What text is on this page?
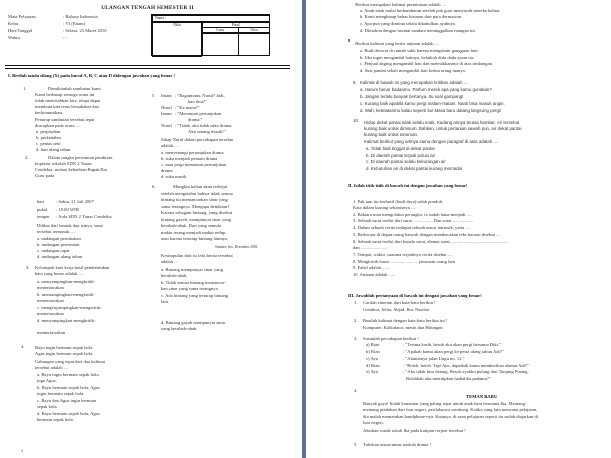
ULANGAN TENGAH SEMESTER II
Mata Pelajaran	: Bahasa Indonesia
Kelas	: VI (Enam)
Hari/Tanggal	: Selasa, 23 Maret 2010
Waktu	: -
Nama :
Nilai	Paraf
Guru	Ortu
I. Berilah tanda silang (X) pada huruf A, B, C atau D didengan jawaban yang benar !
1.	Demikianlah sambutan kami
Kami berharap semoga acara ini
tidak memisahkan kita, tetapi dapat
membuat kita terus bersahabat dan
berkomunikasi.
Penutup sambutan tersebut tepat
diucapkan pada acara ....
a. perpisahan
b. perkenalan
c. pentas seni
d. hari ulang tahun
2.	Dalam rangka peresmian pendirian
koperasi sekolah SDN 2 Tunas
Cendekia, mohon kehadiran Bapak/Ibu
Guru pada
hari	: Sabtu, 21 Juli 2007
pukul : 10.00 WIB
tempat : Aula SDN 2 Tunas Cendekia
Dilihat dari bentuk dan isinya, surat
tersebut termasuk ....
a. undangan pernikahan
b. undangan peresmian
c. undangan rapat
d. undangan ulang tahun
3. Kelompok kata kerja hasil pembentukan
kata yang benar adalah ....
a. menyampingkan-mengkritik-
menertawakan
b. mensampingkan-mengkritik-
menertawakan
c. mengenyampingkan-mengeritik-
menertawakan
d. menyampingkan-mengkritik-
mentertawakan
4. Bayu ingin bermain sepak bola.
Agus ingin bermain sepak bola.
Gabungan yang tepat dari dua kalimat
tersebut adalah ....
a. Bayu ingin bermain sepak bola,
juga Agus.
b. Bayu bermain sepak bola, Agus
ingin bermain sepak bola.
c. Bayu dan Agus ingin bermain
sepak bola.
d. Bayu bermain sepak bola, Agus
bermain sepak bola.
7
5 Imam : "Bagaimana, Nurul? Jadi,
kau ikut?"
Nurul : "Ke mana?"
Imam : "Menonton pertunjukan
drama."
Nurul : "Tidak, aku tidak suka drama.
Aku senang musik!"
Sikap Nurul dalam percakapan tersebut
adalah ....
a. menyenangi pertunjukan drama
b. suka menjadi pemain drama
c. mau pergi menonton pertunjukan
drama
d. suka musik
6.	Mungkin kalian akan terkejut
setelah mengetahui bahwa tidak semua
bintang itu memancarkan sinar yang
sama terangnya. Mengapa demikian?
Karena sebagian bintang, yang disebut
bintang gayah, mempunyai sinar yang
berubah-ubah. Dari yang semula
makin terang menjadi makin redup
atau karena tertutup bintang lainnya.
Sumber: Ino, Desember 2003
Kesimpulan dari isi teks berita tersebut
adalah ....
a. Bintang mempunyai sinar yang
berubah-ubah.
b. Tidak semua bintang memancar-
kan sinar yang sama terangnya.
c. Ada bintang yang tertutup bintang
lain.
d. Bintang gayah mempunyai sinar
yang berubah-ubah.
. Berikut merupakan kalimat permintaan adalah ....
a. Anak-anak mulai berhamburan setelah pak guru menyuruh mereka keluar.
b. Kami mengharap bebas kiriman dari para dermawan.
c. Apa pun yang diminta selalu dikabulkan ayahnya.
d. Dimohon dengan hormat saudara meninggalkan ruangan ini.
8
. Berikut kalimat yang berisi anjuran adalah ....
a. Budi dirawat di rumah sakit karena mengalami gangguan hati.
b. Jika ingin mengambil hatinya, belaikah dulu dada ayam itu.
c. Penjual daging mengambil hati dan meletakkannya di atas timbangan.
d. Susi pandai sekali mengambil hati kedua orang tuanya.
9. Kalimat di bawah ini yang merupakan kritikan adalah ....
a. Harum benar badanmu. Parfum merek apa yang kamu gunakan?
b. Jangan terlalu banyak bertanya. Itu soal gampang!
c. Kurang baik apabila kamu pergi malam-malam. Nanti bisa masuk angin.
d. Wah, ketelatanmu kalau seperti itu! Masa baru datang langsung pergi!
10. Hidup dekat pantai tidak selalu enak. Kadang airnya terasa hambar. Air tersebut
kurang baik untuk diminum. Bahkan, untuk pertanian sawah pun, air dekat pantai
kurang baik untuk tanaman.
Kalimat berikut yang artinya sama dengan paragraf di atas adalah ....
a. Tidak baik tinggal di dekat pantai
b. Di daerah pantai terjadi polusi air
c. Di daerah pantai selalu kekurangan air
d. Kebutuhan air di dekat pantai kurang memadai
II. Isilah titik-titik di bawah ini dengan jawaban yang benar!
1. Pak tani itu berhasil (budi daya) salak pondoh.
Kata dalam kurung seharusnya ....
2. Baktara mau mengolahui perangko, ia sudah lama menjadi ....
3. Sebuah surat terdiri dari surat ................. Dan surat ..................
4. Dalam sebuah cerita terdapat sebuah unsur intrinsik, yaitu ....
5. Berbicara di depan orang banyak dengan membacakan teks bacaan disebut ....
6. Sebuah surat terdiri dari kepala surat, alamat surat, .......................,.........................
dan .......................
7. Tempat, waktu, suasana terjadinya cerita disebut ....
8. Mengkritik harus ........................ perasaan orang lain
9. Fabel adalah .......
10. Amanat adalah ......
III. Jawablah pertanyaan di bawah ini dengan jawaban yang benar!
1. Carilah sinonim dari kata-kata berikut !
Gembira, Jelita, Abjad, Ibu, Nasihat
2. Buatlah kalimat dengan kata-kata berikut ini !
Komputer, Kalkulator, mesin dan Hitungan
3. Susunlah percakapan berikut !
a) Rian	: "Terima kasih, besok aku akan pergi bersama Diki."
b) Rian	: "Apakah kamu akan pergi ke pesta ulang tahun Adi?"
c) Ayu	: "Alamatnya jalan Ungu no. 12."
d) Rian	: "Boleh, boleh. Tapi Ayu, dapatkah kamu memberikan alamat Adi?"
e) Ayu	: "Aku tidak bisa datang. Besok ayahku pulang dari Tanjung Pinang.
Bolehkah aku menitipkan hadiahku padamu?"
4.
TEMAN BARU
Banyak gaya! Itulah komentar yang paling tepat untuk anak baru bernama Ika. Mentang-
mentang pindahan dari luar negeri, perilakunya sombong. Ketika yang lain mencatat pelajaran,
dia malah memainkan handphone-nya. Katanya, di sana pelajaran seperti itu sudah diajarkan di
luar negeri.
Jelaskan watak tokoh Ika pada kutipan cerpen tersebut !
5. Tuliskan unsur-unsur naskah drama !
